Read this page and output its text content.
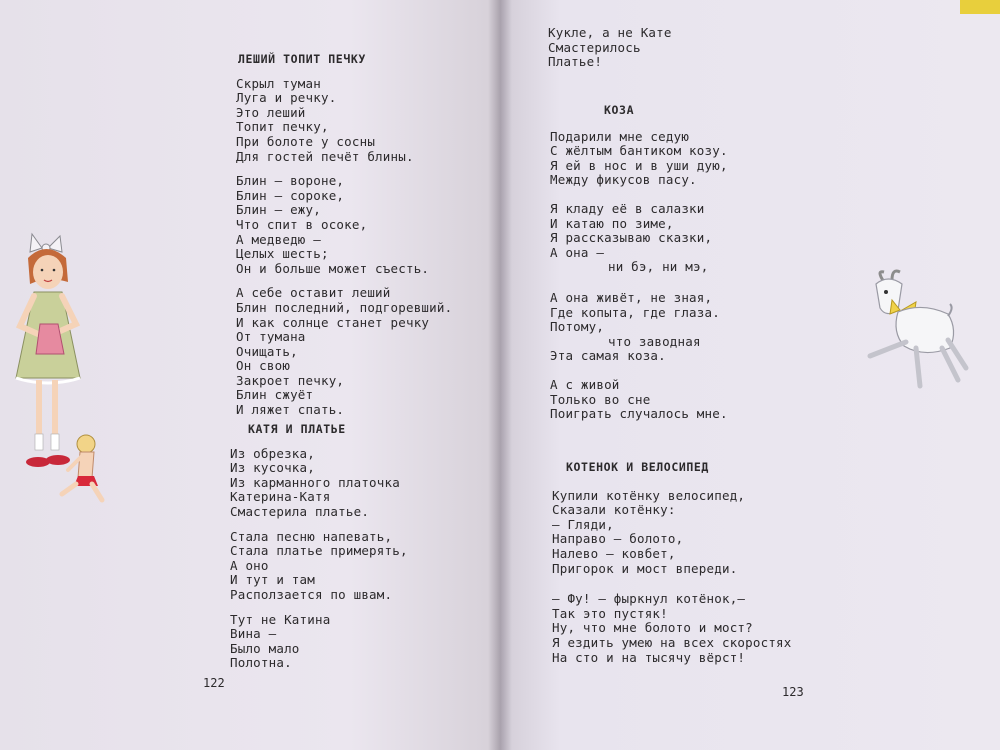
ЛЕШИЙ ТОПИТ ПЕЧКУ
Скрыл туман
Луга и речку.
Это леший
Топит печку,
При болоте у сосны
Для гостей печёт блины.
Блин — вороне,
Блин — сороке,
Блин — ежу,
Что спит в осоке,
А медведю —
Целых шесть;
Он и больше может съесть.
А себе оставит леший
Блин последний, подгоревший.
И как солнце станет речку
От тумана
Очищать,
Он свою
Закроет печку,
Блин сжуёт
И ляжет спать.
КАТЯ И ПЛАТЬЕ
Из обрезка,
Из кусочка,
Из карманного платочка
Катерина-Катя
Смастерила платье.
Стала песню напевать,
Стала платье примерять,
А оно
И тут и там
Расползается по швам.
Тут не Катина
Вина —
Было мало
Полотна.
122
Кукле, а не Кате
Смастерилось
Платье!
КОЗА
Подарили мне седую
С жёлтым бантиком козу.
Я ей в нос и в уши дую,
Между фикусов пасу.
Я кладу её в салазки
И катаю по зиме,
Я рассказываю сказки,
А она —
ни бэ, ни мэ,
А она живёт, не зная,
Где копыта, где глаза.
Потому,
что заводная
Эта самая коза.
А с живой
Только во сне
Поиграть случалось мне.
КОТЕНОК И ВЕЛОСИПЕД
Купили котёнку велосипед,
Сказали котёнку:
— Гляди,
Направо — болото,
Налево — ковбет,
Пригорок и мост впереди.
— Фу! — фыркнул котёнок,—
Так это пустяк!
Ну, что мне болото и мост?
Я ездить умею на всех скоростях
На сто и на тысячу вёрст!
123
